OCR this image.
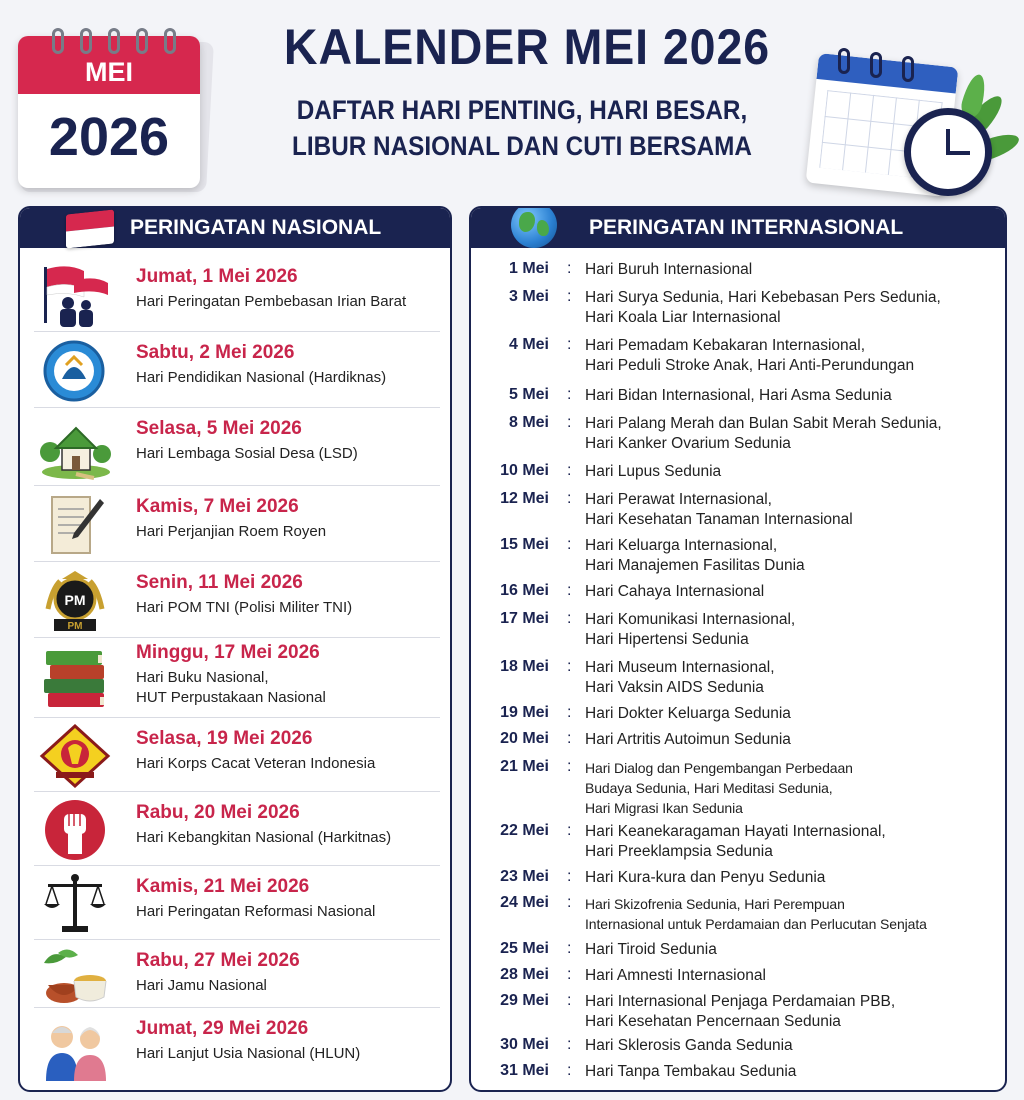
MEI
2026
KALENDER MEI 2026
DAFTAR HARI PENTING, HARI BESAR,
LIBUR NASIONAL DAN CUTI BERSAMA
PERINGATAN NASIONAL
Jumat, 1 Mei 2026
Hari Peringatan Pembebasan Irian Barat
Sabtu, 2 Mei 2026
Hari Pendidikan Nasional (Hardiknas)
Selasa, 5 Mei 2026
Hari Lembaga Sosial Desa (LSD)
Kamis, 7 Mei 2026
Hari Perjanjian Roem Royen
PM
PM
Senin, 11 Mei 2026
Hari POM TNI (Polisi Militer TNI)
Minggu, 17 Mei 2026
Hari Buku Nasional,
HUT Perpustakaan Nasional
Selasa, 19 Mei 2026
Hari Korps Cacat Veteran Indonesia
Rabu, 20 Mei 2026
Hari Kebangkitan Nasional (Harkitnas)
Kamis, 21 Mei 2026
Hari Peringatan Reformasi Nasional
Rabu, 27 Mei 2026
Hari Jamu Nasional
Jumat, 29 Mei 2026
Hari Lanjut Usia Nasional (HLUN)
PERINGATAN INTERNASIONAL
1 Mei : Hari Buruh Internasional
3 Mei : Hari Surya Sedunia, Hari Kebebasan Pers Sedunia,
Hari Koala Liar Internasional
4 Mei : Hari Pemadam Kebakaran Internasional,
Hari Peduli Stroke Anak, Hari Anti-Perundungan
5 Mei : Hari Bidan Internasional, Hari Asma Sedunia
8 Mei : Hari Palang Merah dan Bulan Sabit Merah Sedunia,
Hari Kanker Ovarium Sedunia
10 Mei : Hari Lupus Sedunia
12 Mei : Hari Perawat Internasional,
Hari Kesehatan Tanaman Internasional
15 Mei : Hari Keluarga Internasional,
Hari Manajemen Fasilitas Dunia
16 Mei : Hari Cahaya Internasional
17 Mei : Hari Komunikasi Internasional,
Hari Hipertensi Sedunia
18 Mei : Hari Museum Internasional,
Hari Vaksin AIDS Sedunia
19 Mei : Hari Dokter Keluarga Sedunia
20 Mei : Hari Artritis Autoimun Sedunia
21 Mei : Hari Dialog dan Pengembangan Perbedaan
Budaya Sedunia, Hari Meditasi Sedunia,
Hari Migrasi Ikan Sedunia
22 Mei : Hari Keanekaragaman Hayati Internasional,
Hari Preeklampsia Sedunia
23 Mei : Hari Kura-kura dan Penyu Sedunia
24 Mei : Hari Skizofrenia Sedunia, Hari Perempuan
Internasional untuk Perdamaian dan Perlucutan Senjata
25 Mei : Hari Tiroid Sedunia
28 Mei : Hari Amnesti Internasional
29 Mei : Hari Internasional Penjaga Perdamaian PBB,
Hari Kesehatan Pencernaan Sedunia
30 Mei : Hari Sklerosis Ganda Sedunia
31 Mei : Hari Tanpa Tembakau Sedunia
